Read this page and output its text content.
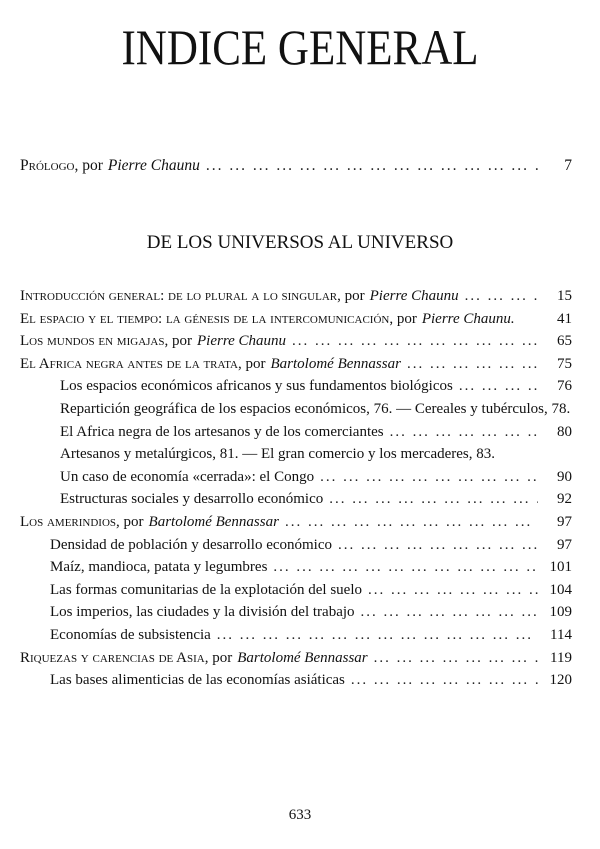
INDICE GENERAL
Prólogo , por Pierre Chaunu ... .	7
DE LOS UNIVERSOS AL UNIVERSO
Introducción general: de lo plural a lo singular , por Pierre Chaunu ... .	15
El espacio y el tiempo: la génesis de la intercomunicación , por Pierre Chaunu.	41
Los mundos en migajas , por Pierre Chaunu ... .	65
El Africa negra antes de la trata , por Bartolomé Bennassar ... .	75
Los espacios económicos africanos y sus fundamentos biológicos ... .	76
Repartición geográfica de los espacios económicos, 76. — Cereales y tubérculos, 78.
El Africa negra de los artesanos y de los comerciantes ... .	80
Artesanos y metalúrgicos, 81. — El gran comercio y los mercaderes, 83.
Un caso de economía «cerrada»: el Congo ... .	90
Estructuras sociales y desarrollo económico ... .	92
Los amerindios , por Bartolomé Bennassar ... .	97
Densidad de población y desarrollo económico ... .	97
Maíz, mandioca, patata y legumbres ... .	101
Las formas comunitarias de la explotación del suelo ... .	104
Los imperios, las ciudades y la división del trabajo ... .	109
Economías de subsistencia ... .	114
Riquezas y carencias de Asia , por Bartolomé Bennassar ... .	119
Las bases alimenticias de las economías asiáticas ... .	120
633
